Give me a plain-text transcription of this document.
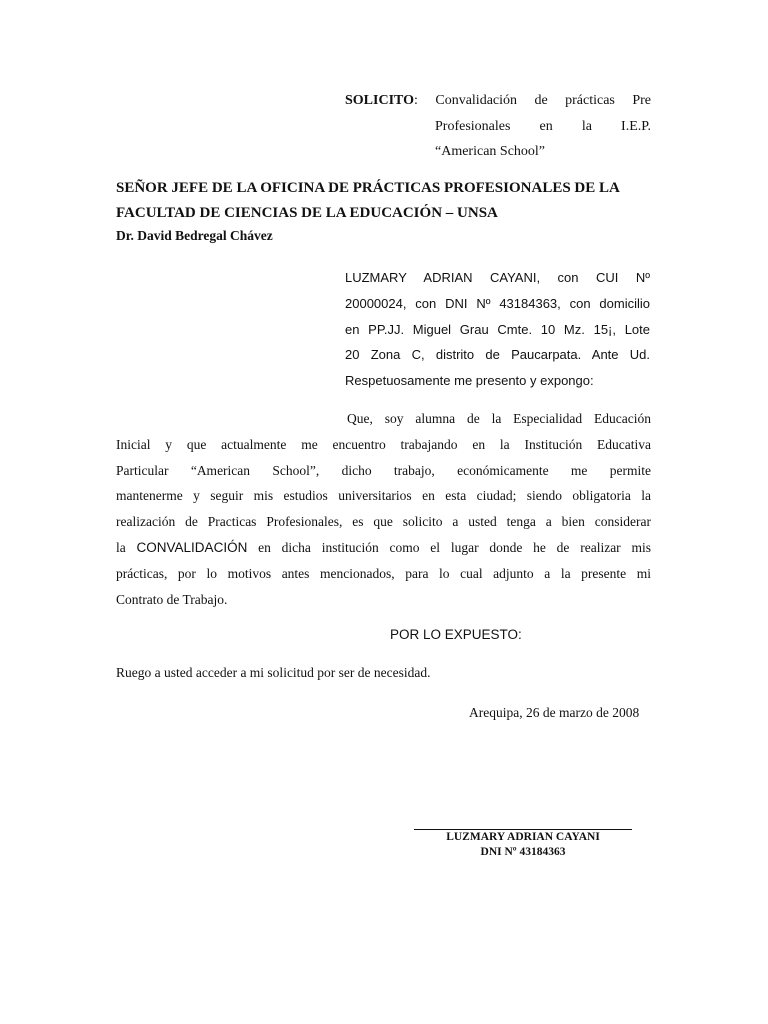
SOLICITO: Convalidación de prácticas Pre
Profesionales en la I.E.P.
“American School”
SEÑOR JEFE DE LA OFICINA DE PRÁCTICAS PROFESIONALES DE LA
FACULTAD DE CIENCIAS DE LA EDUCACIÓN – UNSA
Dr. David Bedregal Chávez
LUZMARY ADRIAN CAYANI, con CUI Nº
20000024, con DNI Nº 43184363, con domicilio
en PP.JJ. Miguel Grau Cmte. 10 Mz. 15¡, Lote
20 Zona C, distrito de Paucarpata. Ante Ud.
Respetuosamente me presento y expongo:
Que, soy alumna de la Especialidad Educación
Inicial y que actualmente me encuentro trabajando en la Institución Educativa
Particular “American School”, dicho trabajo, económicamente me permite
mantenerme y seguir mis estudios universitarios en esta ciudad; siendo obligatoria la
realización de Practicas Profesionales, es que solicito a usted tenga a bien considerar
la CONVALIDACIÓN en dicha institución como el lugar donde he de realizar mis
prácticas, por lo motivos antes mencionados, para lo cual adjunto a la presente mi
Contrato de Trabajo.
POR LO EXPUESTO:
Ruego a usted acceder a mi solicitud por ser de necesidad.
Arequipa, 26 de marzo de 2008
LUZMARY ADRIAN CAYANI
DNI Nº 43184363
